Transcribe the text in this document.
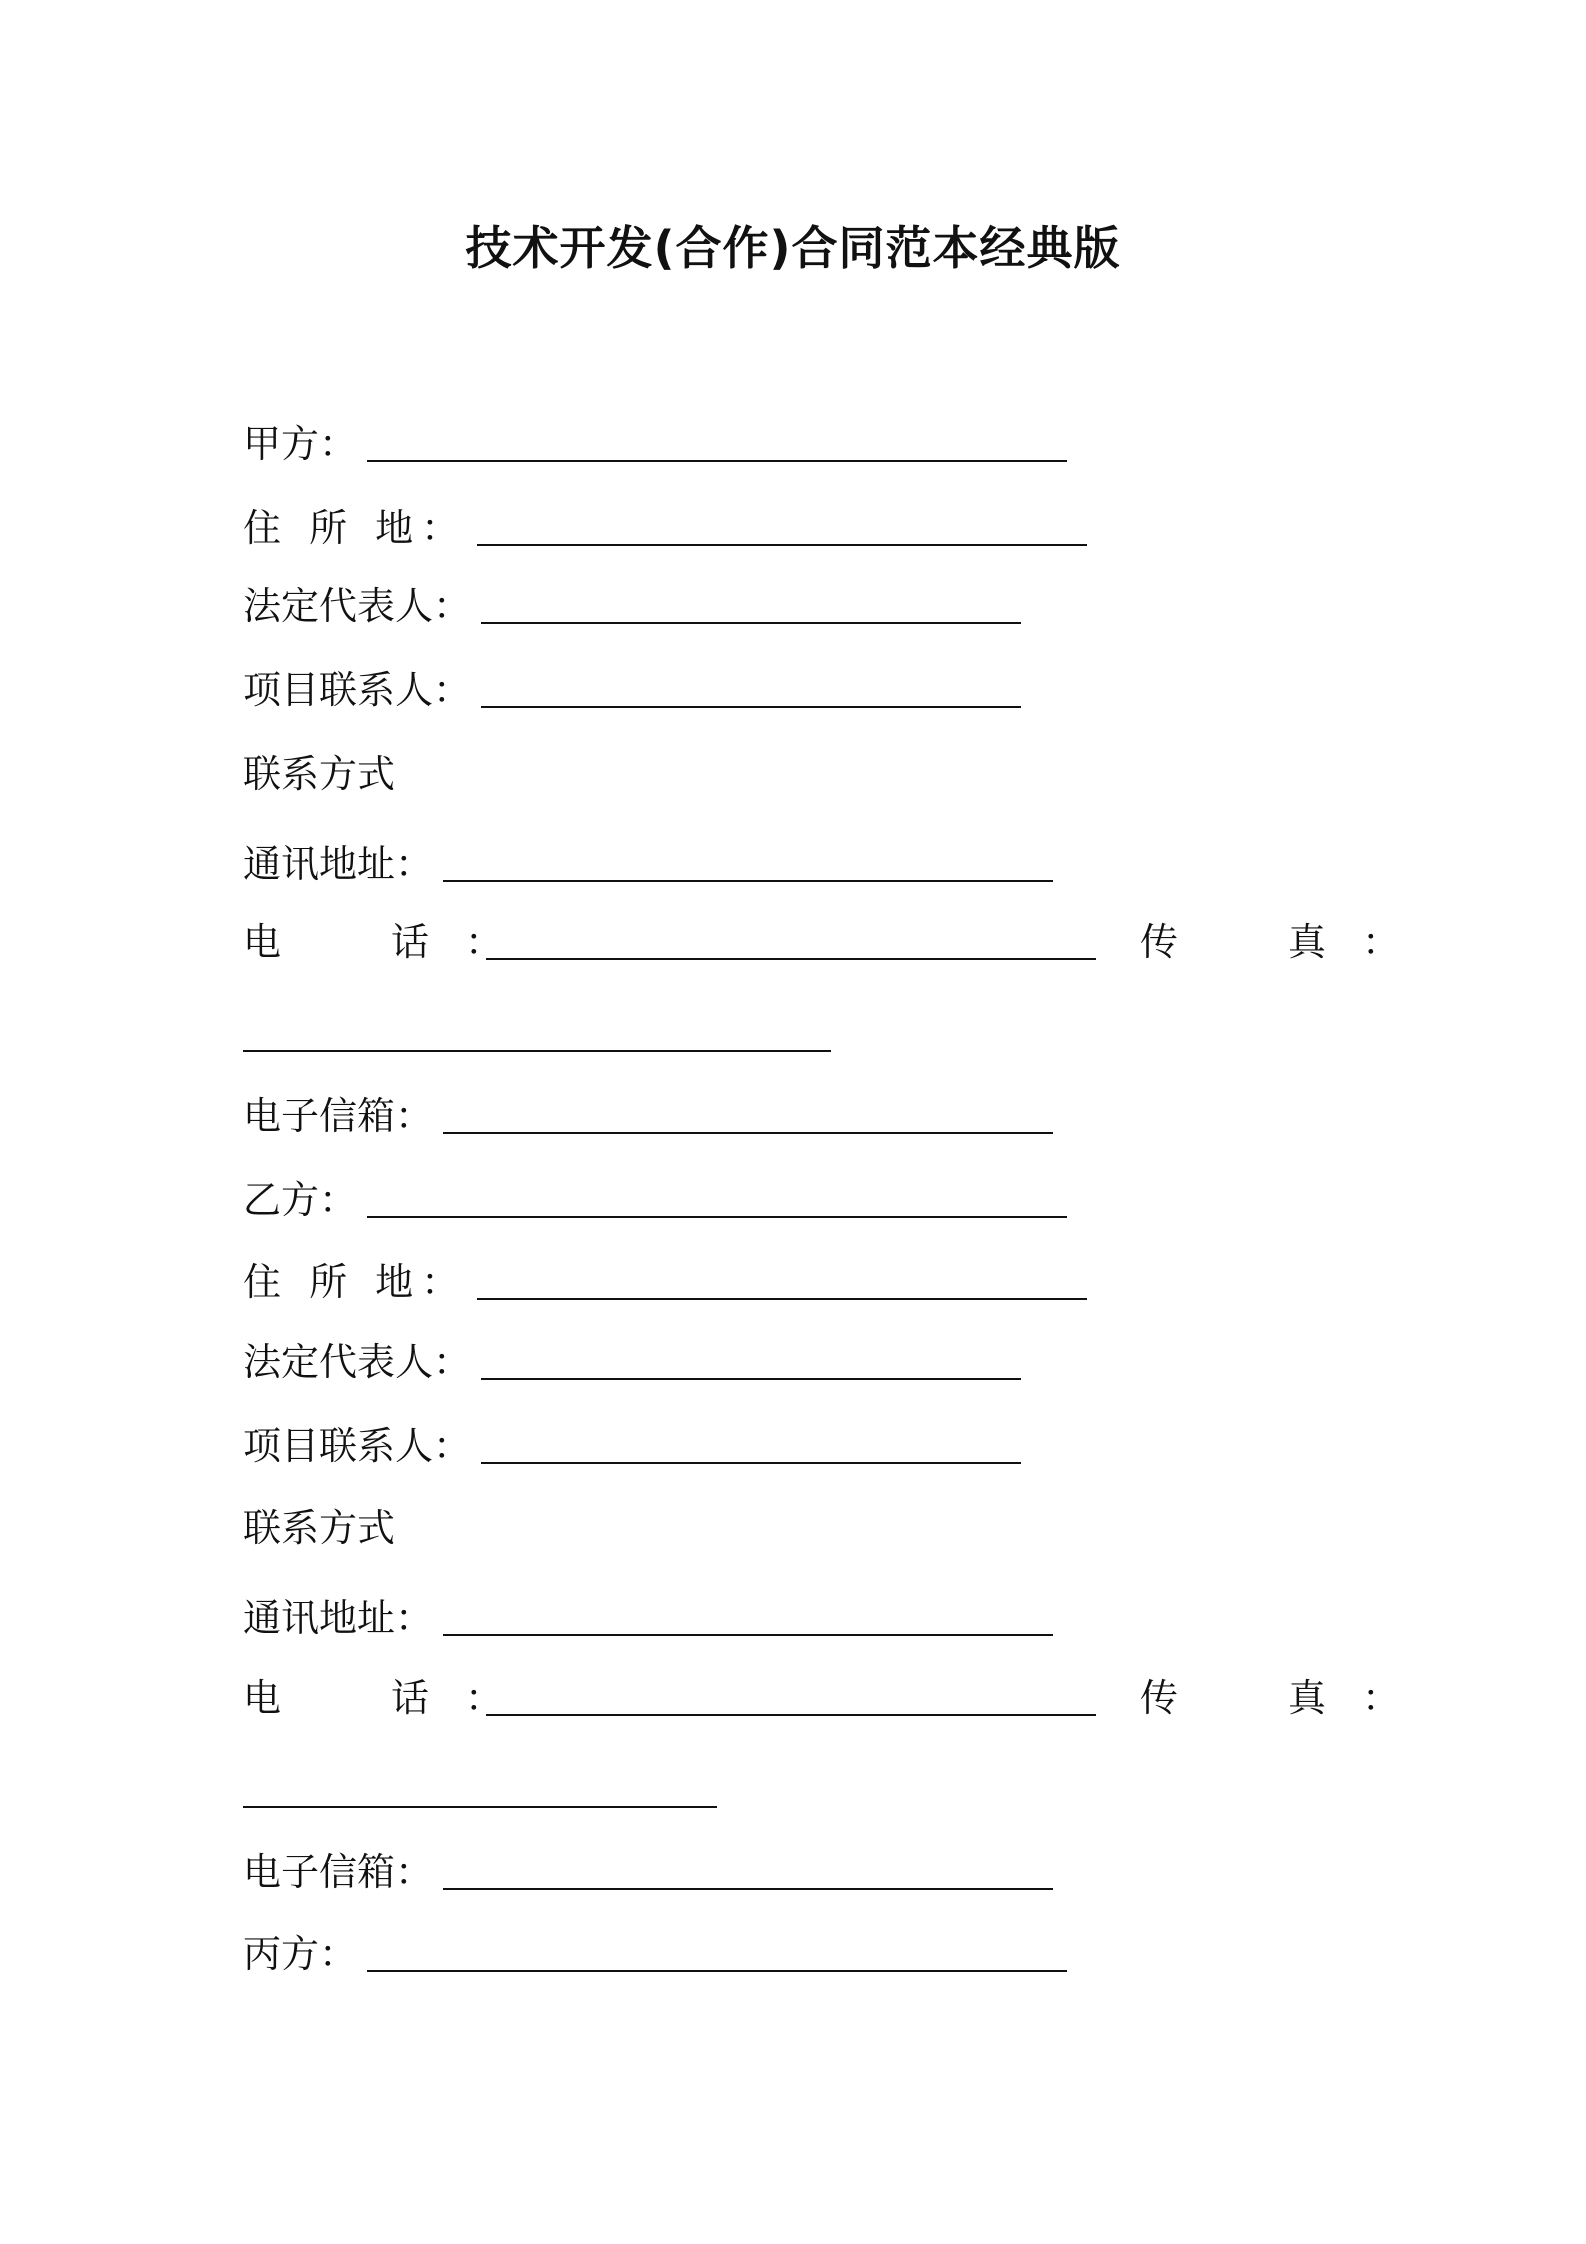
技术开发(合作)合同范本经典版
甲方：
住 所 地：
法定代表人：
项目联系人：
联系方式
通讯地址：
电　话：	传　真：
电子信箱：
乙方：
住 所 地：
法定代表人：
项目联系人：
联系方式
通讯地址：
电　话：	传　真：
电子信箱：
丙方：
